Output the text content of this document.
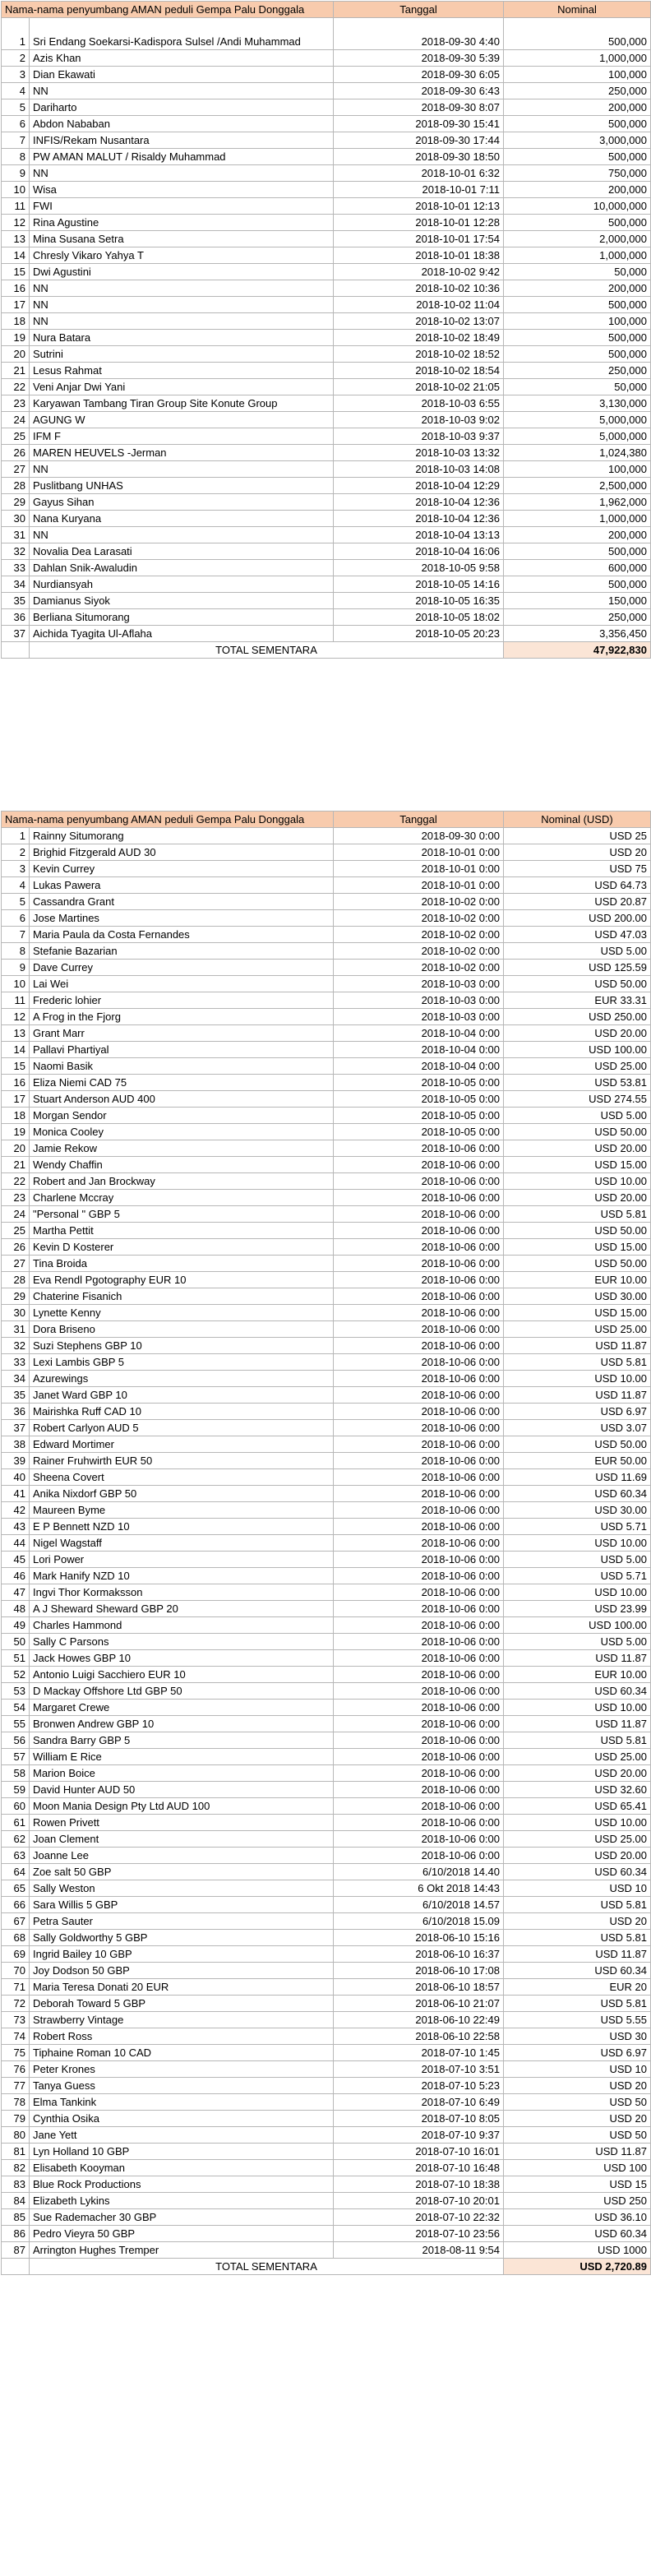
Nama-nama penyumbang AMAN peduli Gempa Palu Donggala		Tanggal	Nominal
1	Sri Endang Soekarsi-Kadispora Sulsel /Andi Muhammad	2018-09-30 4:40	500,000
2	Azis Khan	2018-09-30 5:39	1,000,000
3	Dian Ekawati	2018-09-30 6:05	100,000
4	NN	2018-09-30 6:43	250,000
5	Dariharto	2018-09-30 8:07	200,000
6	Abdon Nababan	2018-09-30 15:41	500,000
7	INFIS/Rekam Nusantara	2018-09-30 17:44	3,000,000
8	PW AMAN MALUT / Risaldy Muhammad	2018-09-30 18:50	500,000
9	NN	2018-10-01 6:32	750,000
10	Wisa	2018-10-01 7:11	200,000
11	FWI	2018-10-01 12:13	10,000,000
12	Rina Agustine	2018-10-01 12:28	500,000
13	Mina Susana Setra	2018-10-01 17:54	2,000,000
14	Chresly Vikaro Yahya T	2018-10-01 18:38	1,000,000
15	Dwi Agustini	2018-10-02 9:42	50,000
16	NN	2018-10-02 10:36	200,000
17	NN	2018-10-02 11:04	500,000
18	NN	2018-10-02 13:07	100,000
19	Nura Batara	2018-10-02 18:49	500,000
20	Sutrini	2018-10-02 18:52	500,000
21	Lesus Rahmat	2018-10-02 18:54	250,000
22	Veni Anjar Dwi Yani	2018-10-02 21:05	50,000
23	Karyawan Tambang Tiran Group Site Konute Group	2018-10-03 6:55	3,130,000
24	AGUNG W	2018-10-03 9:02	5,000,000
25	IFM F	2018-10-03 9:37	5,000,000
26	MAREN HEUVELS -Jerman	2018-10-03 13:32	1,024,380
27	NN	2018-10-03 14:08	100,000
28	Puslitbang UNHAS	2018-10-04 12:29	2,500,000
29	Gayus Sihan	2018-10-04 12:36	1,962,000
30	Nana Kuryana	2018-10-04 12:36	1,000,000
31	NN	2018-10-04 13:13	200,000
32	Novalia Dea Larasati	2018-10-04 16:06	500,000
33	Dahlan Snik-Awaludin	2018-10-05 9:58	600,000
34	Nurdiansyah	2018-10-05 14:16	500,000
35	Damianus Siyok	2018-10-05 16:35	150,000
36	Berliana Situmorang	2018-10-05 18:02	250,000
37	Aichida Tyagita Ul-Aflaha	2018-10-05 20:23	3,356,450
	TOTAL SEMENTARA		47,922,830
Nama-nama penyumbang AMAN peduli Gempa Palu Donggala		Tanggal	Nominal (USD)
1	Rainny Situmorang	2018-09-30 0:00	USD 25
2	Brighid Fitzgerald AUD 30	2018-10-01 0:00	USD 20
3	Kevin Currey	2018-10-01 0:00	USD 75
4	Lukas Pawera	2018-10-01 0:00	USD 64.73
5	Cassandra Grant	2018-10-02 0:00	USD 20.87
6	Jose Martines	2018-10-02 0:00	USD 200.00
7	Maria Paula da Costa Fernandes	2018-10-02 0:00	USD 47.03
8	Stefanie Bazarian	2018-10-02 0:00	USD 5.00
9	Dave Currey	2018-10-02 0:00	USD 125.59
10	Lai Wei	2018-10-03 0:00	USD 50.00
11	Frederic lohier	2018-10-03 0:00	EUR 33.31
12	A Frog in the Fjorg	2018-10-03 0:00	USD 250.00
13	Grant Marr	2018-10-04 0:00	USD 20.00
14	Pallavi Phartiyal	2018-10-04 0:00	USD 100.00
15	Naomi Basik	2018-10-04 0:00	USD 25.00
16	Eliza Niemi CAD 75	2018-10-05 0:00	USD 53.81
17	Stuart Anderson AUD 400	2018-10-05 0:00	USD 274.55
18	Morgan Sendor	2018-10-05 0:00	USD 5.00
19	Monica Cooley	2018-10-05 0:00	USD 50.00
20	Jamie Rekow	2018-10-06 0:00	USD 20.00
21	Wendy Chaffin	2018-10-06 0:00	USD 15.00
22	Robert and Jan Brockway	2018-10-06 0:00	USD 10.00
23	Charlene Mccray	2018-10-06 0:00	USD 20.00
24	"Personal " GBP 5	2018-10-06 0:00	USD 5.81
25	Martha Pettit	2018-10-06 0:00	USD 50.00
26	Kevin D Kosterer	2018-10-06 0:00	USD 15.00
27	Tina Broida	2018-10-06 0:00	USD 50.00
28	Eva Rendl Pgotography EUR 10	2018-10-06 0:00	EUR 10.00
29	Chaterine Fisanich	2018-10-06 0:00	USD 30.00
30	Lynette Kenny	2018-10-06 0:00	USD 15.00
31	Dora Briseno	2018-10-06 0:00	USD 25.00
32	Suzi Stephens GBP 10	2018-10-06 0:00	USD 11.87
33	Lexi Lambis GBP 5	2018-10-06 0:00	USD 5.81
34	Azurewings	2018-10-06 0:00	USD 10.00
35	Janet Ward GBP 10	2018-10-06 0:00	USD 11.87
36	Mairishka Ruff CAD 10	2018-10-06 0:00	USD 6.97
37	Robert Carlyon AUD 5	2018-10-06 0:00	USD 3.07
38	Edward Mortimer	2018-10-06 0:00	USD 50.00
39	Rainer Fruhwirth EUR 50	2018-10-06 0:00	EUR 50.00
40	Sheena Covert	2018-10-06 0:00	USD 11.69
41	Anika Nixdorf GBP 50	2018-10-06 0:00	USD 60.34
42	Maureen Byme	2018-10-06 0:00	USD 30.00
43	E P Bennett NZD 10	2018-10-06 0:00	USD 5.71
44	Nigel Wagstaff	2018-10-06 0:00	USD 10.00
45	Lori Power	2018-10-06 0:00	USD 5.00
46	Mark Hanify NZD 10	2018-10-06 0:00	USD 5.71
47	Ingvi Thor Kormaksson	2018-10-06 0:00	USD 10.00
48	A J Sheward Sheward GBP 20	2018-10-06 0:00	USD 23.99
49	Charles Hammond	2018-10-06 0:00	USD 100.00
50	Sally C Parsons	2018-10-06 0:00	USD 5.00
51	Jack Howes GBP 10	2018-10-06 0:00	USD 11.87
52	Antonio Luigi Sacchiero EUR 10	2018-10-06 0:00	EUR 10.00
53	D Mackay Offshore Ltd GBP 50	2018-10-06 0:00	USD 60.34
54	Margaret Crewe	2018-10-06 0:00	USD 10.00
55	Bronwen Andrew GBP 10	2018-10-06 0:00	USD 11.87
56	Sandra Barry GBP 5	2018-10-06 0:00	USD 5.81
57	William E Rice	2018-10-06 0:00	USD 25.00
58	Marion Boice	2018-10-06 0:00	USD 20.00
59	David Hunter AUD 50	2018-10-06 0:00	USD 32.60
60	Moon Mania Design Pty Ltd AUD 100	2018-10-06 0:00	USD 65.41
61	Rowen Privett	2018-10-06 0:00	USD 10.00
62	Joan Clement	2018-10-06 0:00	USD 25.00
63	Joanne Lee	2018-10-06 0:00	USD 20.00
64	Zoe salt 50 GBP	6/10/2018 14.40	USD 60.34
65	Sally Weston	6 Okt 2018 14:43	USD 10
66	Sara Willis 5 GBP	6/10/2018 14.57	USD 5.81
67	Petra Sauter	6/10/2018 15.09	USD 20
68	Sally Goldworthy 5 GBP	2018-06-10 15:16	USD 5.81
69	Ingrid Bailey 10 GBP	2018-06-10 16:37	USD 11.87
70	Joy Dodson 50 GBP	2018-06-10 17:08	USD 60.34
71	Maria Teresa Donati 20 EUR	2018-06-10 18:57	EUR 20
72	Deborah Toward 5 GBP	2018-06-10 21:07	USD 5.81
73	Strawberry Vintage	2018-06-10 22:49	USD 5.55
74	Robert Ross	2018-06-10 22:58	USD 30
75	Tiphaine Roman 10 CAD	2018-07-10 1:45	USD 6.97
76	Peter Krones	2018-07-10 3:51	USD 10
77	Tanya Guess	2018-07-10 5:23	USD 20
78	Elma Tankink	2018-07-10 6:49	USD 50
79	Cynthia Osika	2018-07-10 8:05	USD 20
80	Jane Yett	2018-07-10 9:37	USD 50
81	Lyn Holland 10 GBP	2018-07-10 16:01	USD 11.87
82	Elisabeth Kooyman	2018-07-10 16:48	USD 100
83	Blue Rock Productions	2018-07-10 18:38	USD 15
84	Elizabeth Lykins	2018-07-10 20:01	USD 250
85	Sue Rademacher 30 GBP	2018-07-10 22:32	USD 36.10
86	Pedro Vieyra 50 GBP	2018-07-10 23:56	USD 60.34
87	Arrington Hughes Tremper	2018-08-11 9:54	USD 1000
	TOTAL SEMENTARA		USD 2,720.89
